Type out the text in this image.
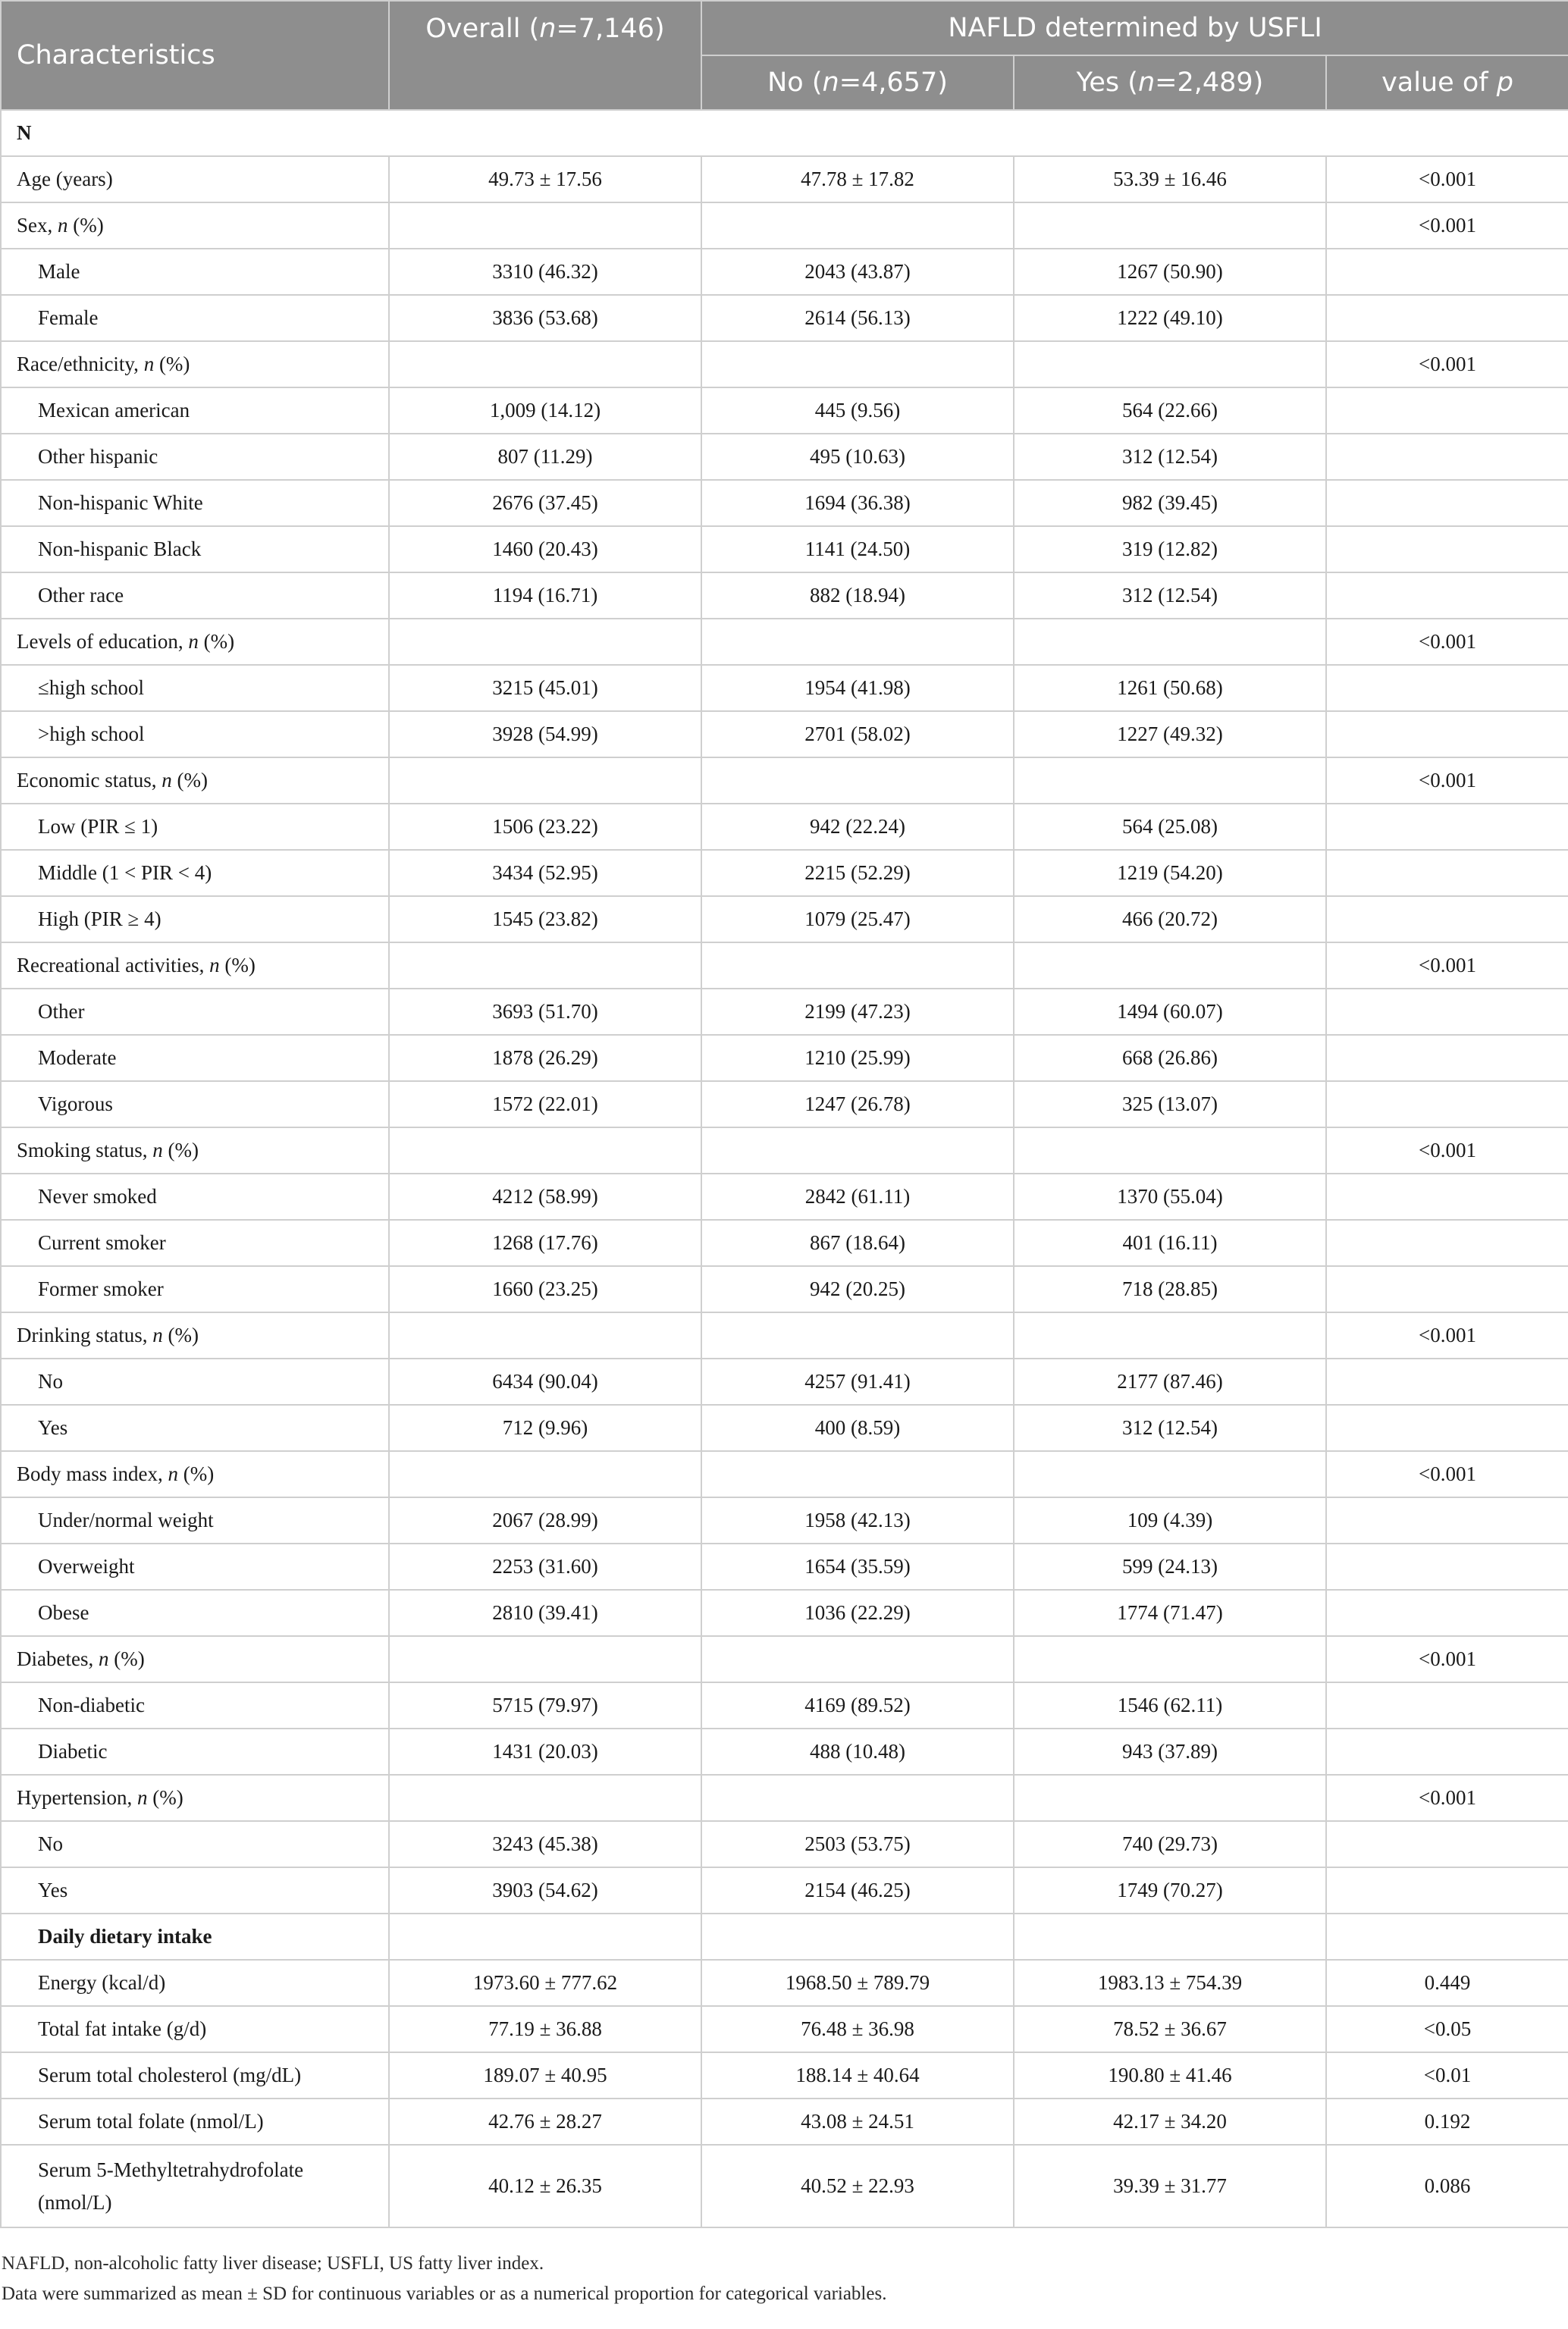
Characteristics	Overall (n=7,146)	NAFLD determined by USFLI		
		No (n=4,657)	Yes (n=2,489)	value of p
N				
Age (years)	49.73 ± 17.56	47.78 ± 17.82	53.39 ± 16.46	<0.001
Sex, n (%)				<0.001
Male	3310 (46.32)	2043 (43.87)	1267 (50.90)	
Female	3836 (53.68)	2614 (56.13)	1222 (49.10)	
Race/ethnicity, n (%)				<0.001
Mexican american	1,009 (14.12)	445 (9.56)	564 (22.66)	
Other hispanic	807 (11.29)	495 (10.63)	312 (12.54)	
Non-hispanic White	2676 (37.45)	1694 (36.38)	982 (39.45)	
Non-hispanic Black	1460 (20.43)	1141 (24.50)	319 (12.82)	
Other race	1194 (16.71)	882 (18.94)	312 (12.54)	
Levels of education, n (%)				<0.001
≤high school	3215 (45.01)	1954 (41.98)	1261 (50.68)	
>high school	3928 (54.99)	2701 (58.02)	1227 (49.32)	
Economic status, n (%)				<0.001
Low (PIR ≤ 1)	1506 (23.22)	942 (22.24)	564 (25.08)	
Middle (1 < PIR < 4)	3434 (52.95)	2215 (52.29)	1219 (54.20)	
High (PIR ≥ 4)	1545 (23.82)	1079 (25.47)	466 (20.72)	
Recreational activities, n (%)				<0.001
Other	3693 (51.70)	2199 (47.23)	1494 (60.07)	
Moderate	1878 (26.29)	1210 (25.99)	668 (26.86)	
Vigorous	1572 (22.01)	1247 (26.78)	325 (13.07)	
Smoking status, n (%)				<0.001
Never smoked	4212 (58.99)	2842 (61.11)	1370 (55.04)	
Current smoker	1268 (17.76)	867 (18.64)	401 (16.11)	
Former smoker	1660 (23.25)	942 (20.25)	718 (28.85)	
Drinking status, n (%)				<0.001
No	6434 (90.04)	4257 (91.41)	2177 (87.46)	
Yes	712 (9.96)	400 (8.59)	312 (12.54)	
Body mass index, n (%)				<0.001
Under/normal weight	2067 (28.99)	1958 (42.13)	109 (4.39)	
Overweight	2253 (31.60)	1654 (35.59)	599 (24.13)	
Obese	2810 (39.41)	1036 (22.29)	1774 (71.47)	
Diabetes, n (%)				<0.001
Non-diabetic	5715 (79.97)	4169 (89.52)	1546 (62.11)	
Diabetic	1431 (20.03)	488 (10.48)	943 (37.89)	
Hypertension, n (%)				<0.001
No	3243 (45.38)	2503 (53.75)	740 (29.73)	
Yes	3903 (54.62)	2154 (46.25)	1749 (70.27)	
Daily dietary intake				
Energy (kcal/d)	1973.60 ± 777.62	1968.50 ± 789.79	1983.13 ± 754.39	0.449
Total fat intake (g/d)	77.19 ± 36.88	76.48 ± 36.98	78.52 ± 36.67	<0.05
Serum total cholesterol (mg/dL)	189.07 ± 40.95	188.14 ± 40.64	190.80 ± 41.46	<0.01
Serum total folate (nmol/L)	42.76 ± 28.27	43.08 ± 24.51	42.17 ± 34.20	0.192

Serum 5-Methyltetrahydrofolate
(nmol/L)	40.12 ± 26.35	40.52 ± 22.93	39.39 ± 31.77	0.086
NAFLD, non-alcoholic fatty liver disease; USFLI, US fatty liver index.
Data were summarized as mean ± SD for continuous variables or as a numerical proportion for categorical variables.
